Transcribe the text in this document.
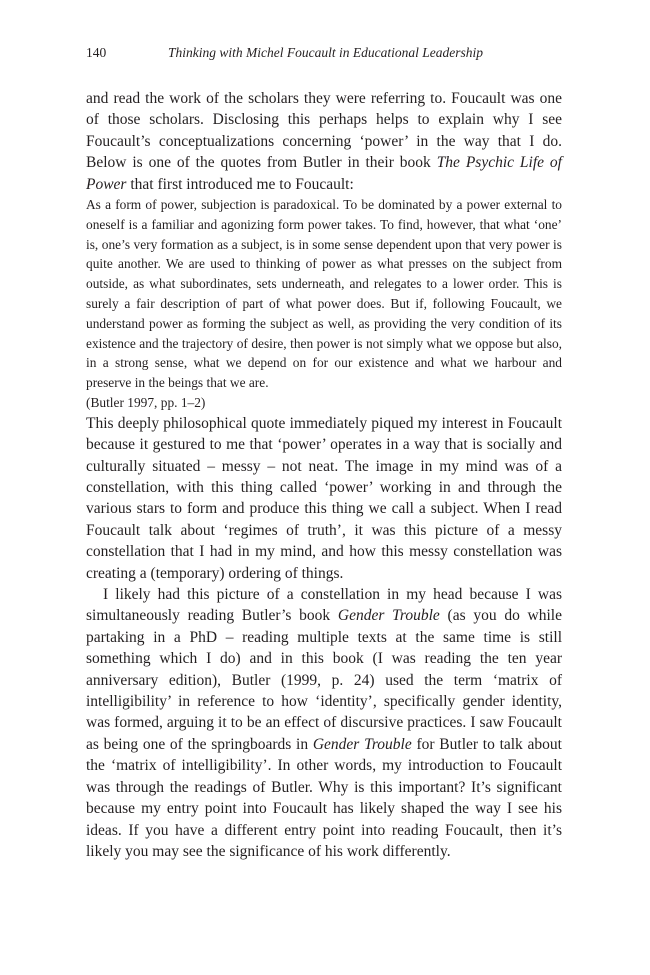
140	Thinking with Michel Foucault in Educational Leadership

and read the work of the scholars they were referring to. Foucault was one of those scholars. Disclosing this perhaps helps to explain why I see Foucault’s conceptualizations concerning ‘power’ in the way that I do. Below is one of the quotes from Butler in their book The Psychic Life of Power that first introduced me to Foucault:

As a form of power, subjection is paradoxical. To be dominated by a power external to oneself is a familiar and agonizing form power takes. To find, however, that what ‘one’ is, one’s very formation as a subject, is in some sense dependent upon that very power is quite another. We are used to thinking of power as what presses on the subject from outside, as what subordinates, sets underneath, and relegates to a lower order. This is surely a fair description of part of what power does. But if, following Foucault, we understand power as forming the subject as well, as providing the very condition of its existence and the trajectory of desire, then power is not simply what we oppose but also, in a strong sense, what we depend on for our existence and what we harbour and preserve in the beings that we are.

(Butler 1997, pp. 1–2)

This deeply philosophical quote immediately piqued my interest in Foucault because it gestured to me that ‘power’ operates in a way that is socially and culturally situated – messy – not neat. The image in my mind was of a constellation, with this thing called ‘power’ working in and through the various stars to form and produce this thing we call a subject. When I read Foucault talk about ‘regimes of truth’, it was this picture of a messy constellation that I had in my mind, and how this messy constellation was creating a (temporary) ordering of things.

I likely had this picture of a constellation in my head because I was simultaneously reading Butler’s book Gender Trouble (as you do while partaking in a PhD – reading multiple texts at the same time is still something which I do) and in this book (I was reading the ten year anniversary edition), Butler (1999, p. 24) used the term ‘matrix of intelligibility’ in reference to how ‘identity’, specifically gender identity, was formed, arguing it to be an effect of discursive practices. I saw Foucault as being one of the springboards in Gender Trouble for Butler to talk about the ‘matrix of intelligibility’. In other words, my introduction to Foucault was through the readings of Butler. Why is this important? It’s significant because my entry point into Foucault has likely shaped the way I see his ideas. If you have a different entry point into reading Foucault, then it’s likely you may see the significance of his work differently.
